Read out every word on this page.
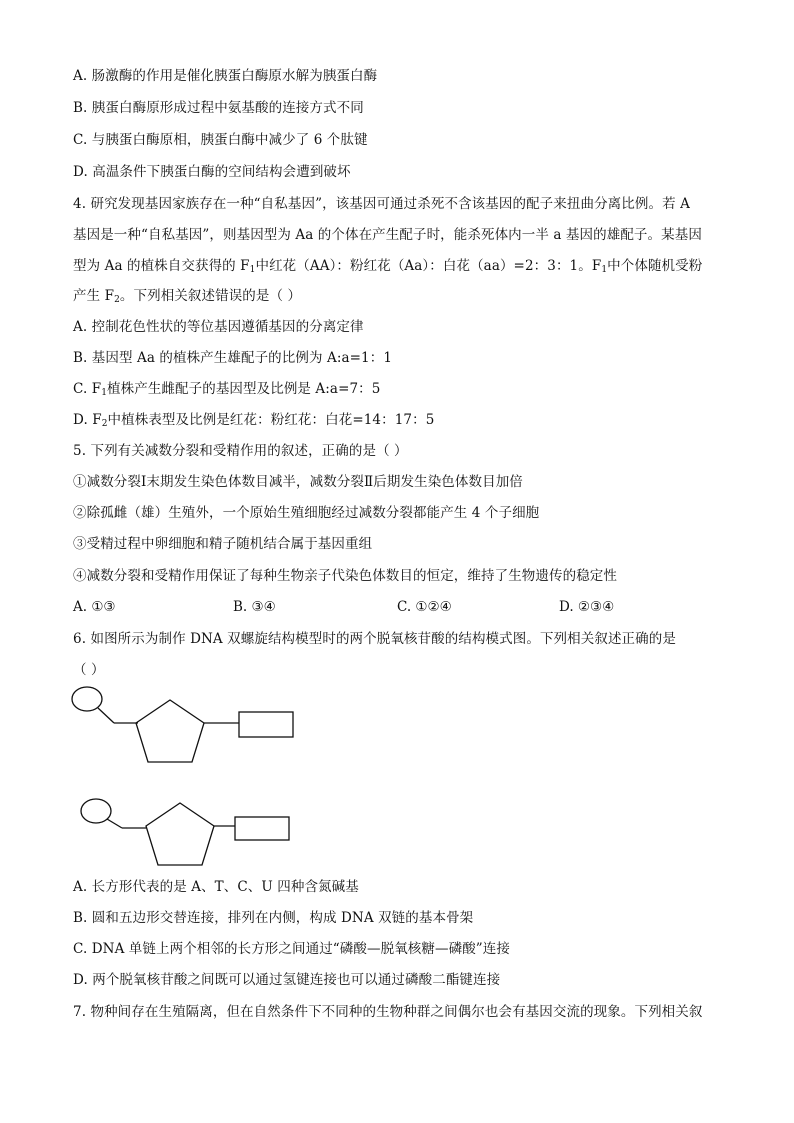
A. 肠激酶的作用是催化胰蛋白酶原水解为胰蛋白酶
B. 胰蛋白酶原形成过程中氨基酸的连接方式不同
C. 与胰蛋白酶原相，胰蛋白酶中减少了 6 个肽键
D. 高温条件下胰蛋白酶的空间结构会遭到破坏
4. 研究发现基因家族存在一种“自私基因”，该基因可通过杀死不含该基因的配子来扭曲分离比例。若 A
基因是一种“自私基因”，则基因型为 Aa 的个体在产生配子时，能杀死体内一半 a 基因的雄配子。某基因
型为 Aa 的植株自交获得的 $F_1$中红花（AA）：粉红花（Aa）：白花（aa）=2：3：1。$F_1$中个体随机受粉
产生 $F_2$。下列相关叙述错误的是（ ）
A. 控制花色性状的等位基因遵循基因的分离定律
B. 基因型 Aa 的植株产生雄配子的比例为 A:a=1：1
C. $F_1$植株产生雌配子的基因型及比例是 A:a=7：5
D. $F_2$中植株表型及比例是红花：粉红花：白花=14：17：5
5. 下列有关减数分裂和受精作用的叙述，正确的是（ ）
①减数分裂Ⅰ末期发生染色体数目减半，减数分裂Ⅱ后期发生染色体数目加倍
②除孤雌（雄）生殖外，一个原始生殖细胞经过减数分裂都能产生 4 个子细胞
③受精过程中卵细胞和精子随机结合属于基因重组
④减数分裂和受精作用保证了每种生物亲子代染色体数目的恒定，维持了生物遗传的稳定性
A. ①③	B. ③④	C. ①②④	D. ②③④
6. 如图所示为制作 DNA 双螺旋结构模型时的两个脱氧核苷酸的结构模式图。下列相关叙述正确的是
（ ）
A. 长方形代表的是 A、T、C、U 四种含氮碱基
B. 圆和五边形交替连接，排列在内侧，构成 DNA 双链的基本骨架
C. DNA 单链上两个相邻的长方形之间通过“磷酸—脱氧核糖—磷酸”连接
D. 两个脱氧核苷酸之间既可以通过氢键连接也可以通过磷酸二酯键连接
7. 物种间存在生殖隔离，但在自然条件下不同种的生物种群之间偶尔也会有基因交流的现象。下列相关叙
